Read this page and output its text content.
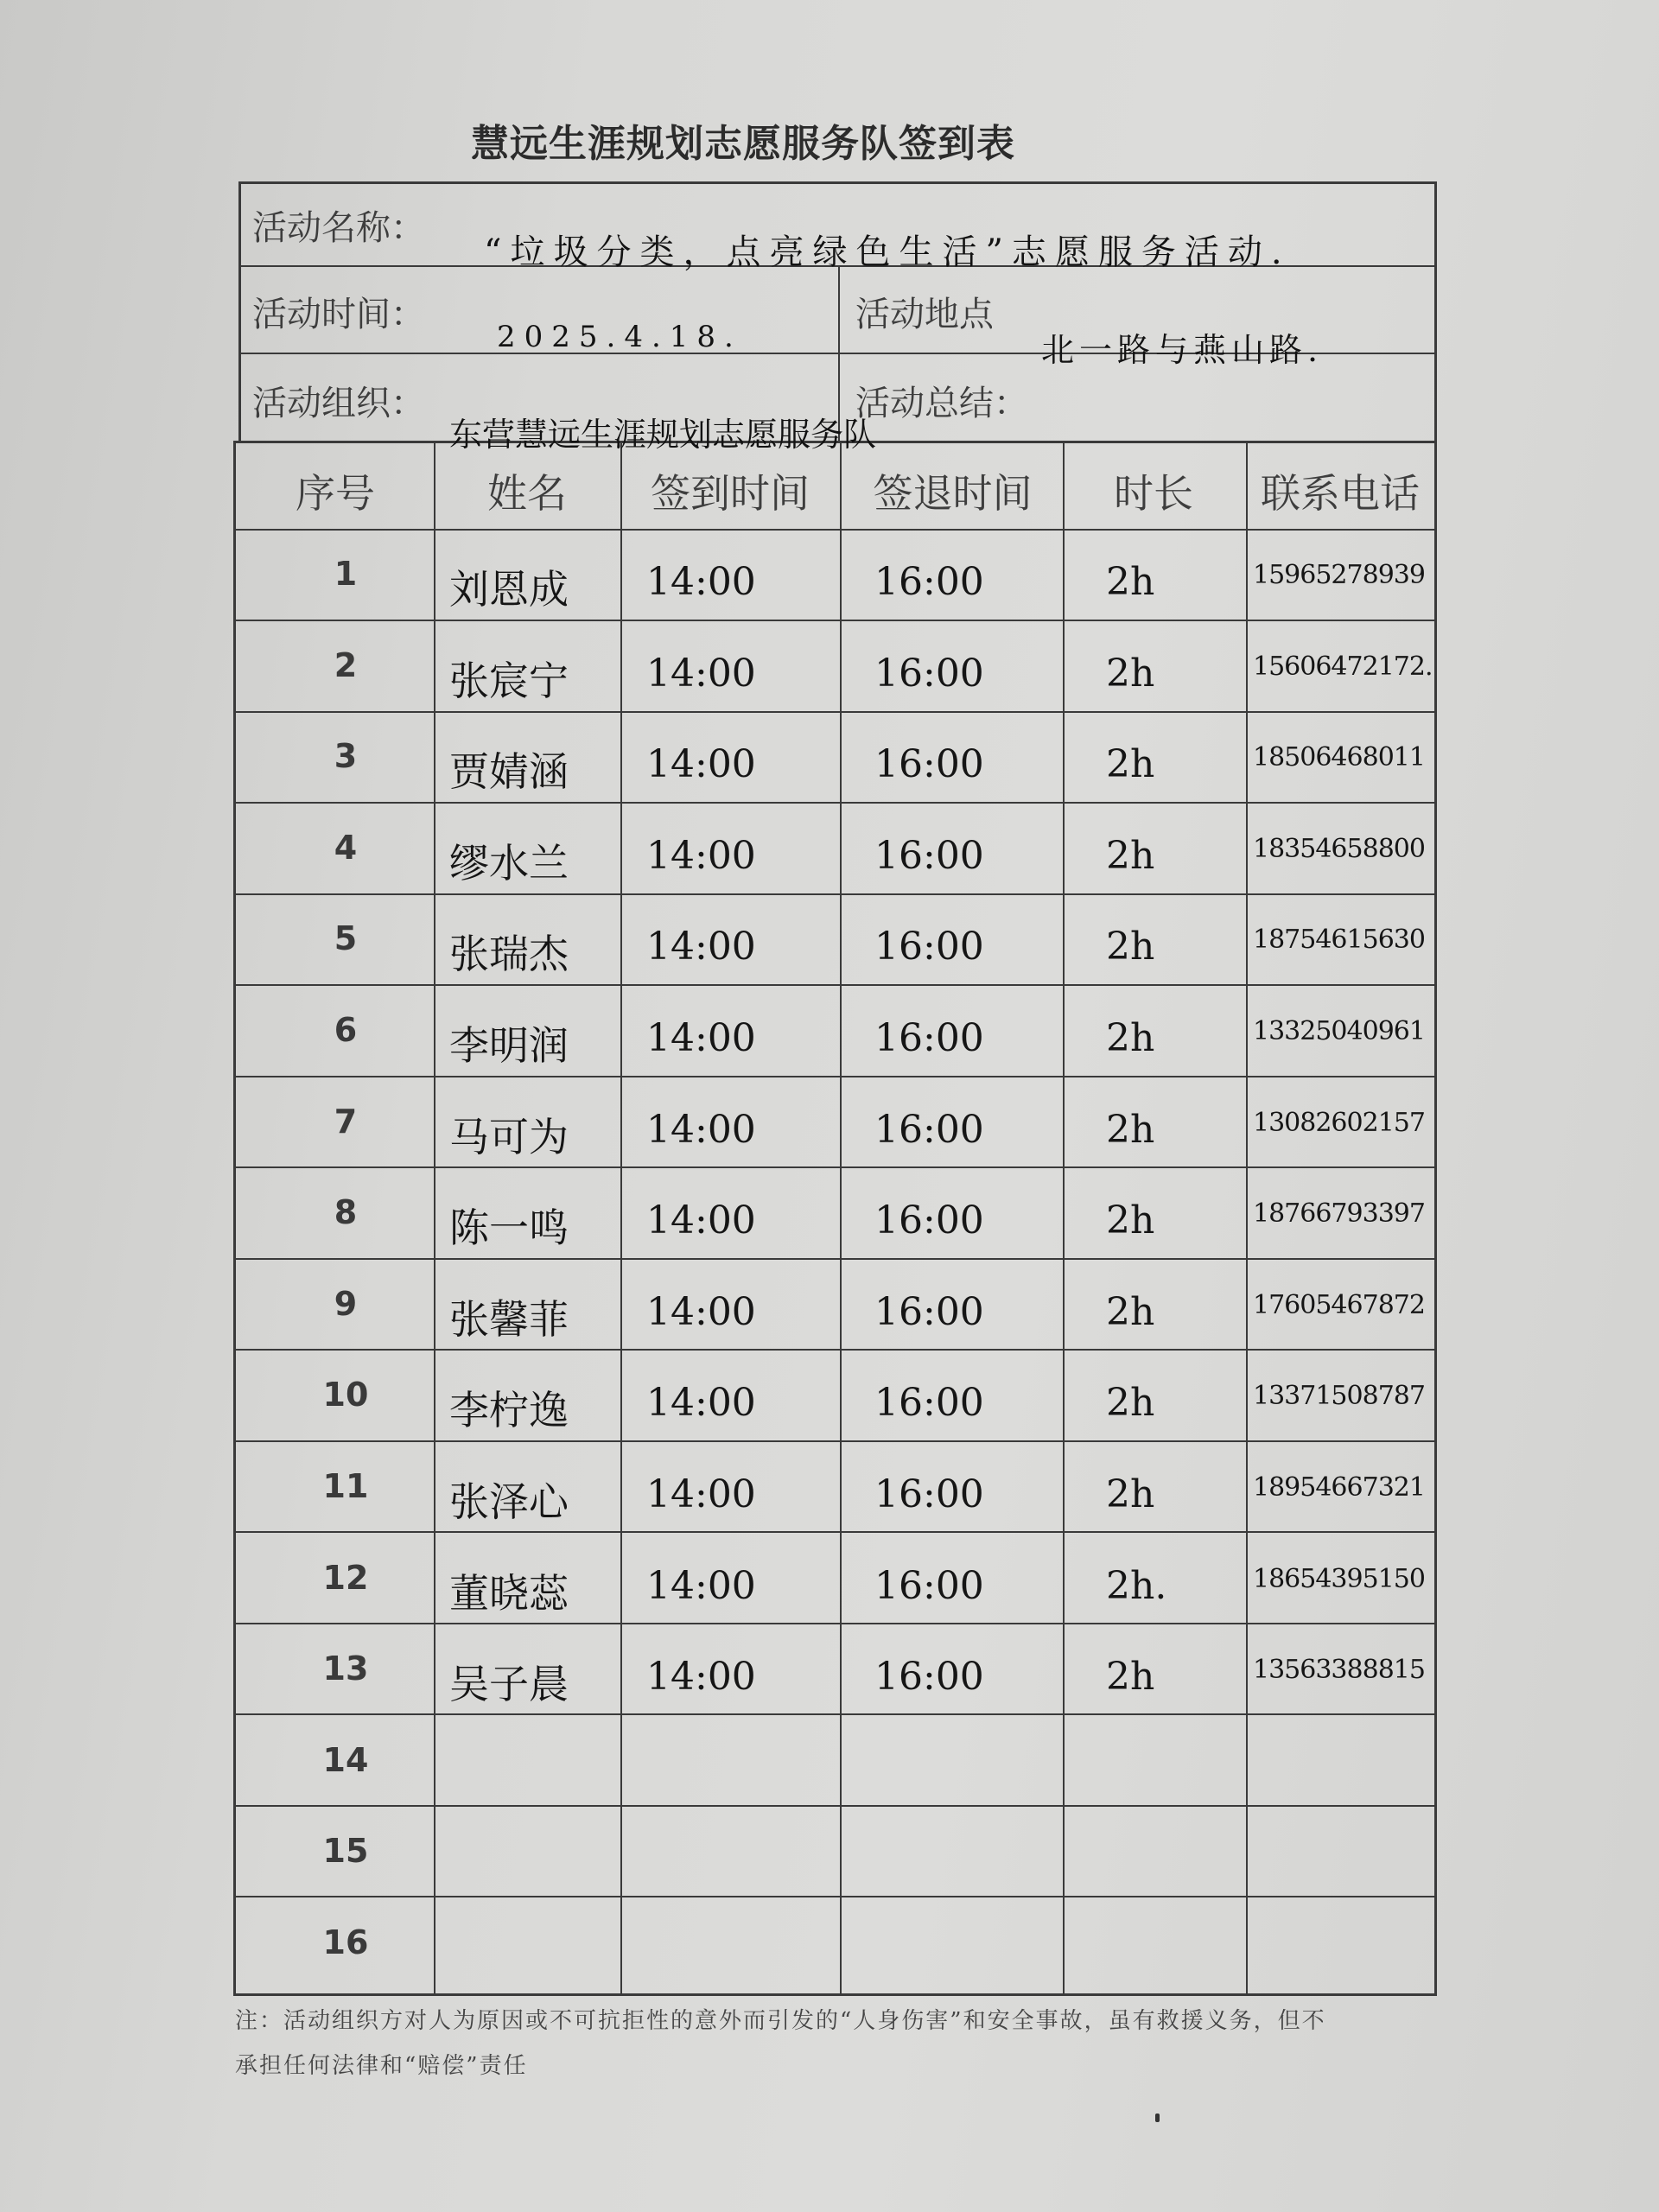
慧远生涯规划志愿服务队签到表
活动名称：
“垃圾分类，点亮绿色生活”志愿服务活动.
活动时间：
2025.4.18.
活动地点
北一路与燕山路.
活动组织：
东营慧远生涯规划志愿服务队
活动总结：
序号	姓名	签到时间	签退时间	时长	联系电话
1	刘恩成 14:00	16:00	2h	15965278939
2	张宸宁 14:00	16:00	2h	15606472172.
3	贾婧涵 14:00	16:00	2h	18506468011
4	缪水兰 14:00	16:00	2h	18354658800
5	张瑞杰 14:00	16:00	2h	18754615630
6	李明润 14:00	16:00	2h	13325040961
7	马可为 14:00	16:00	2h	13082602157
8	陈一鸣 14:00	16:00	2h	18766793397
9	张馨菲 14:00	16:00	2h	17605467872
10	李柠逸 14:00	16:00	2h	13371508787
11	张泽心 14:00	16:00	2h	18954667321
12	董晓蕊 14:00	16:00	2h.	18654395150
13	吴子晨 14:00	16:00	2h	13563388815
14
15
16
注：活动组织方对人为原因或不可抗拒性的意外而引发的“人身伤害”和安全事故，虽有救援义务，但不
承担任何法律和“赔偿”责任
